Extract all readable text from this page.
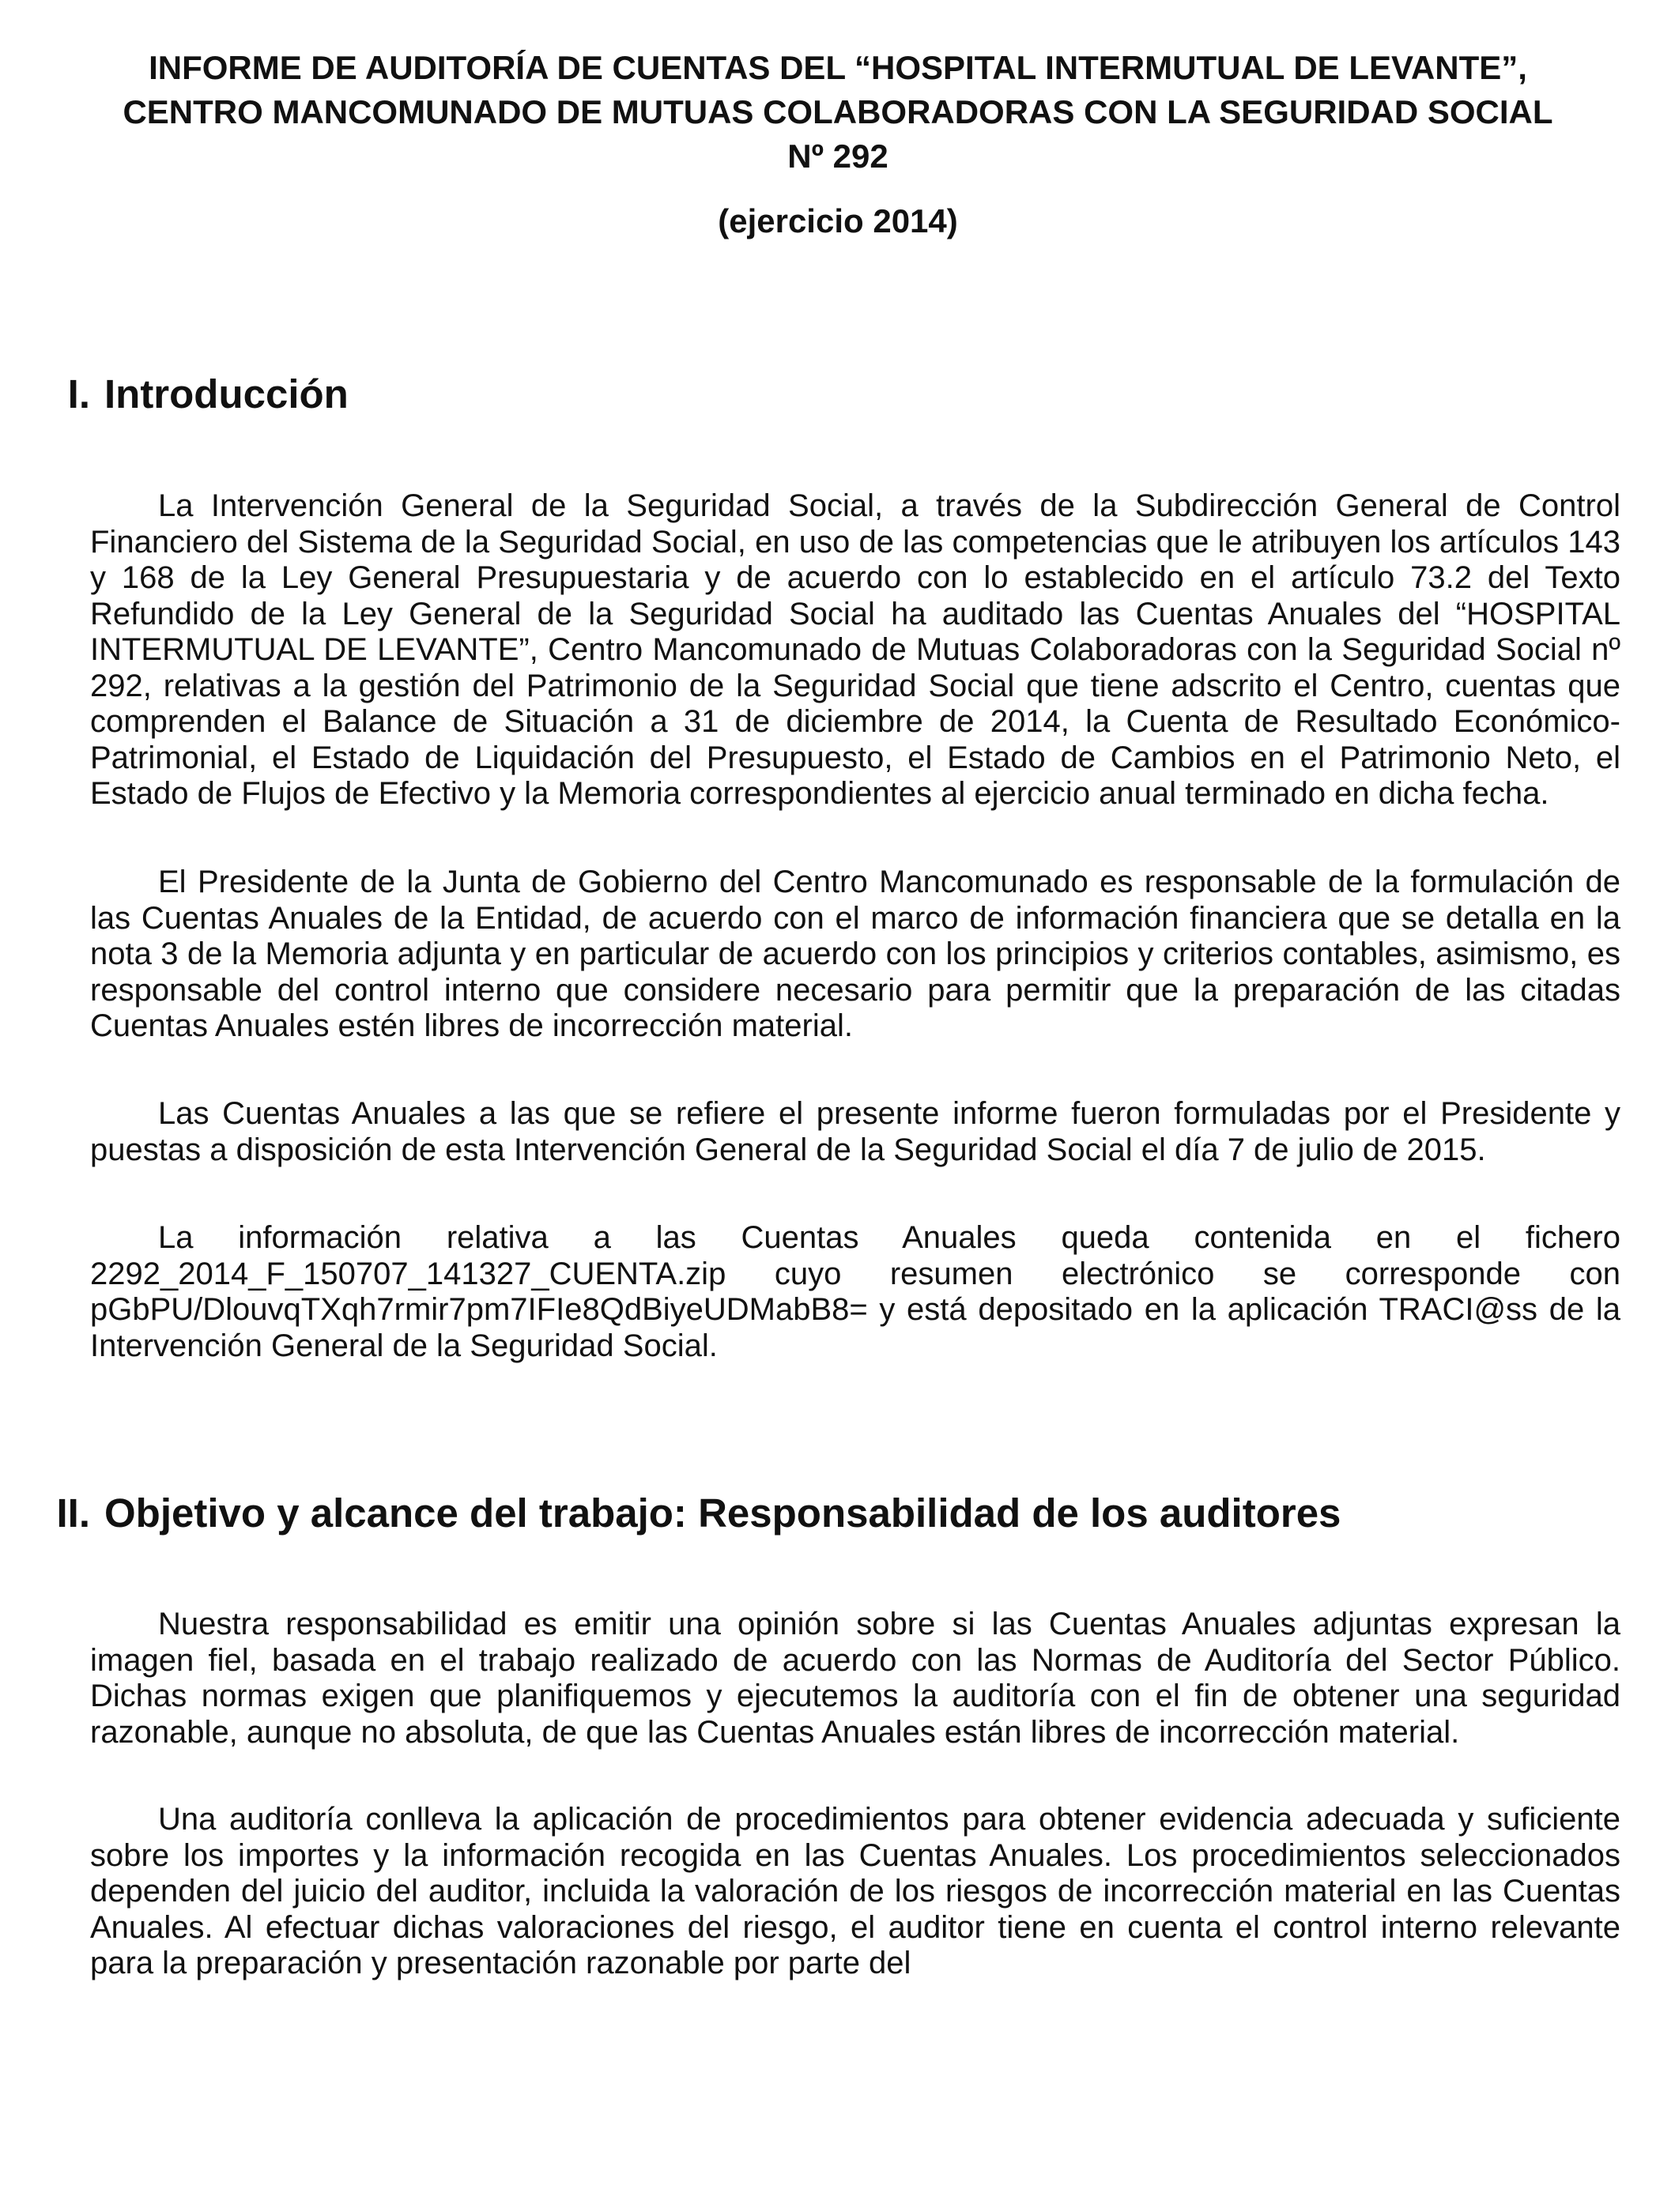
INFORME DE AUDITORÍA DE CUENTAS DEL “HOSPITAL INTERMUTUAL DE LEVANTE”, CENTRO MANCOMUNADO DE MUTUAS COLABORADORAS CON LA SEGURIDAD SOCIAL Nº 292
(ejercicio 2014)
I. Introducción

La Intervención General de la Seguridad Social, a través de la Subdirección General de Control Financiero del Sistema de la Seguridad Social, en uso de las competencias que le atribuyen los artículos 143 y 168 de la Ley General Presupuestaria y de acuerdo con lo establecido en el artículo 73.2 del Texto Refundido de la Ley General de la Seguridad Social ha auditado las Cuentas Anuales del “HOSPITAL INTERMUTUAL DE LEVANTE”, Centro Mancomunado de Mutuas Colaboradoras con la Seguridad Social nº 292, relativas a la gestión del Patrimonio de la Seguridad Social que tiene adscrito el Centro, cuentas que comprenden el Balance de Situación a 31 de diciembre de 2014, la Cuenta de Resultado Económico-Patrimonial, el Estado de Liquidación del Presupuesto, el Estado de Cambios en el Patrimonio Neto, el Estado de Flujos de Efectivo y la Memoria correspondientes al ejercicio anual terminado en dicha fecha.

El Presidente de la Junta de Gobierno del Centro Mancomunado es responsable de la formulación de las Cuentas Anuales de la Entidad, de acuerdo con el marco de información financiera que se detalla en la nota 3 de la Memoria adjunta y en particular de acuerdo con los principios y criterios contables, asimismo, es responsable del control interno que considere necesario para permitir que la preparación de las citadas Cuentas Anuales estén libres de incorrección material.

Las Cuentas Anuales a las que se refiere el presente informe fueron formuladas por el Presidente y puestas a disposición de esta Intervención General de la Seguridad Social el día 7 de julio de 2015.

La información relativa a las Cuentas Anuales queda contenida en el fichero 2292_2014_F_150707_141327_CUENTA.zip cuyo resumen electrónico se corresponde con pGbPU/DlouvqTXqh7rmir7pm7IFIe8QdBiyeUDMabB8= y está depositado en la aplicación TRACI@ss de la Intervención General de la Seguridad Social.

II. Objetivo y alcance del trabajo: Responsabilidad de los auditores

Nuestra responsabilidad es emitir una opinión sobre si las Cuentas Anuales adjuntas expresan la imagen fiel, basada en el trabajo realizado de acuerdo con las Normas de Auditoría del Sector Público. Dichas normas exigen que planifiquemos y ejecutemos la auditoría con el fin de obtener una seguridad razonable, aunque no absoluta, de que las Cuentas Anuales están libres de incorrección material.

Una auditoría conlleva la aplicación de procedimientos para obtener evidencia adecuada y suficiente sobre los importes y la información recogida en las Cuentas Anuales. Los procedimientos seleccionados dependen del juicio del auditor, incluida la valoración de los riesgos de incorrección material en las Cuentas Anuales. Al efectuar dichas valoraciones del riesgo, el auditor tiene en cuenta el control interno relevante para la preparación y presentación razonable por parte del
